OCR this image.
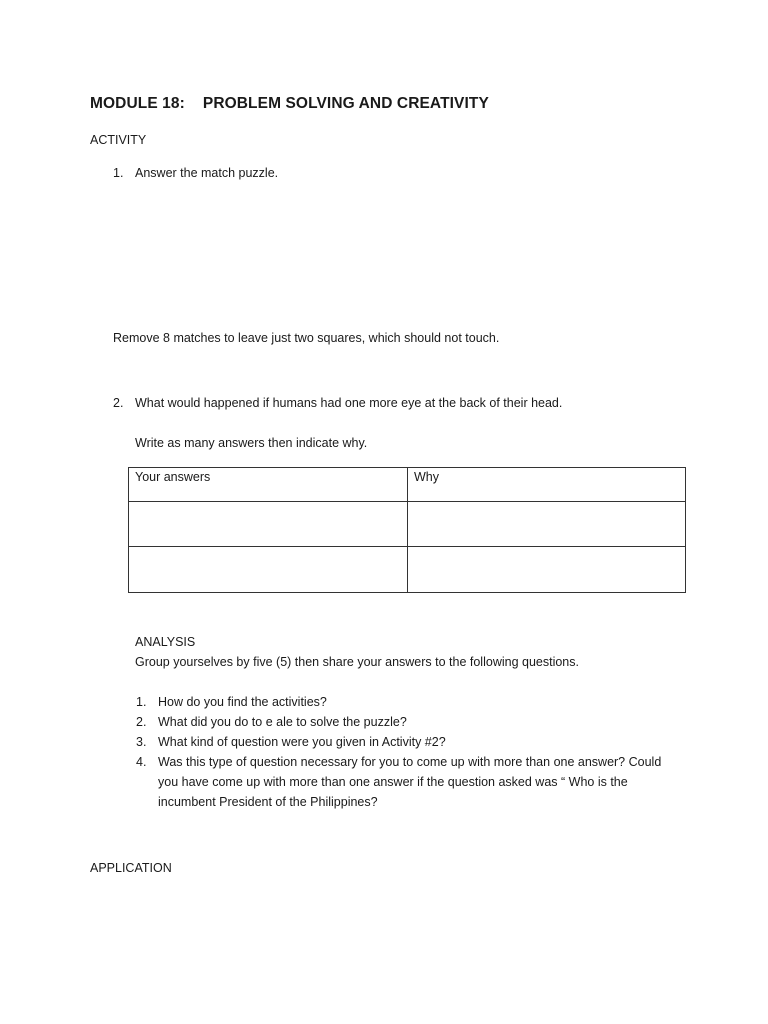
MODULE 18: PROBLEM SOLVING AND CREATIVITY
ACTIVITY
1. Answer the match puzzle.
Remove 8 matches to leave just two squares, which should not touch.
2. What would happened if humans had one more eye at the back of their head.
Write as many answers then indicate why.
Your answers	Why

ANALYSIS
Group yourselves by five (5) then share your answers to the following questions.
1. How do you find the activities?
2. What did you do to e ale to solve the puzzle?
3. What kind of question were you given in Activity #2?
4. Was this type of question necessary for you to come up with more than one answer? Could
you have come up with more than one answer if the question asked was “ Who is the
incumbent President of the Philippines?
APPLICATION
